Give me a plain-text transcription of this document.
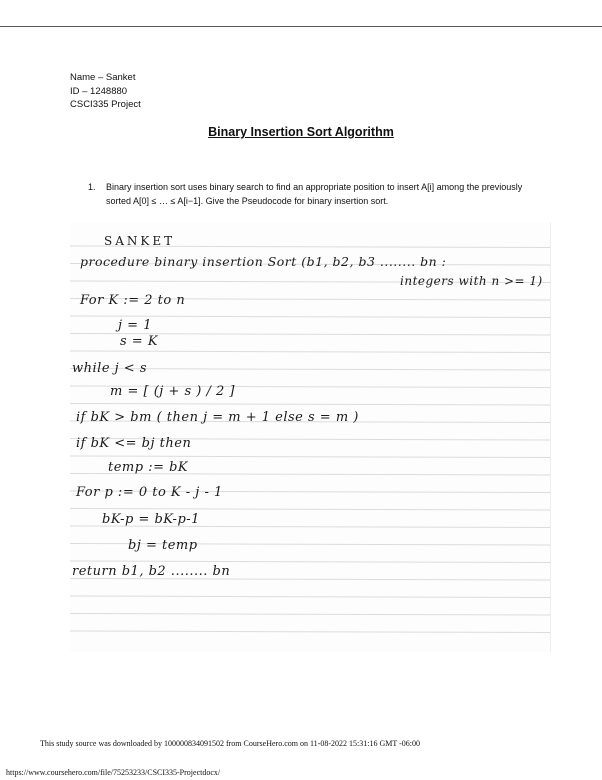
Name – Sanket
ID – 1248880
CSCI335 Project
Binary Insertion Sort Algorithm
1. Binary insertion sort uses binary search to find an appropriate position to insert A[i] among the previously sorted A[0] ≤ … ≤ A[i−1]. Give the Pseudocode for binary insertion sort.
SANKET
procedure binary insertion Sort (b1, b2, b3 ........ bn :
integers with n >= 1)
For K := 2 to n
j = 1
s = K
while j < s
m = [ (j + s ) / 2 ]
if bK > bm ( then j = m + 1 else s = m )
if bK <= bj then
temp := bK
For p := 0 to K - j - 1
bK-p = bK-p-1
bj = temp
return b1, b2 ........ bn
This study source was downloaded by 100000834091502 from CourseHero.com on 11-08-2022 15:31:16 GMT -06:00
https://www.coursehero.com/file/75253233/CSCI335-Projectdocx/
